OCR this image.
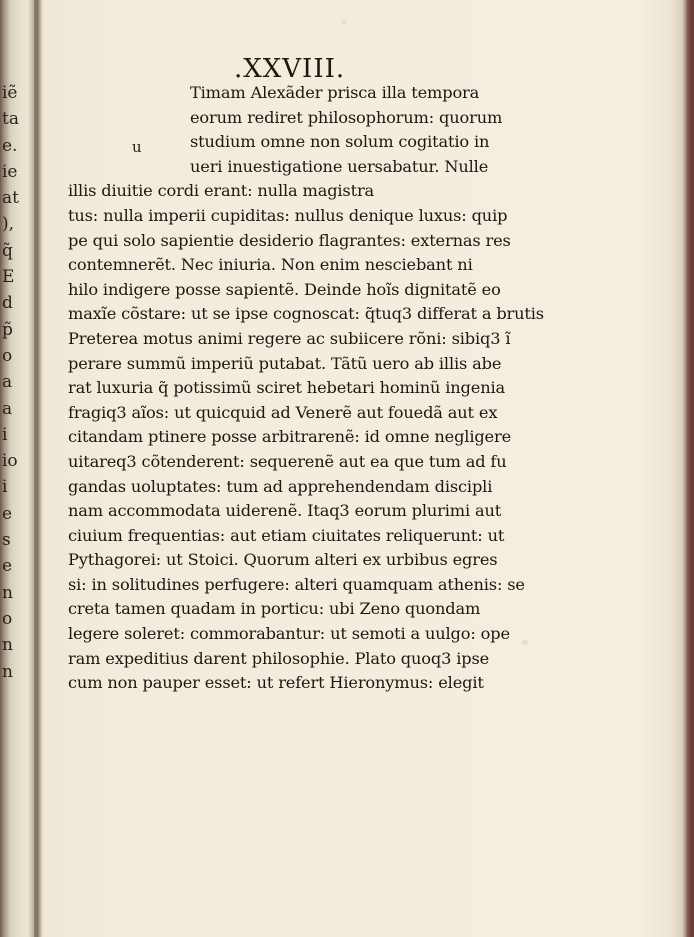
iẽ
ta
e.
ie
at
),
q̃
E
d
p̃
o
a
a
i
io
i
e
s
e
n
o
n
n
.XXVIII.
u
Timam Alexãder prisca illa tempora
eorum rediret philosophorum: quorum
studium omne non solum cogitatio in
ueri inuestigatione uersabatur. Nulle
illis diuitie cordi erant: nulla magistra
tus: nulla imperii cupiditas: nullus denique luxus: quip
pe qui solo sapientie desiderio flagrantes: externas res
contemnerẽt. Nec iniuria. Non enim nesciebant ni
hilo indigere posse sapientẽ. Deinde hoĩs dignitatẽ eo
maxĩe cõstare: ut se ipse cognoscat: q̃tuq3 differat a brutis
Preterea motus animi regere ac subiicere rõni: sibiq3 ĩ
perare summũ imperiũ putabat. Tãtũ uero ab illis abe
rat luxuria q̃ potissimũ sciret hebetari hominũ ingenia
fragiq3 aĩos: ut quicquid ad Venerẽ aut fouedã aut ex
citandam ptinere posse arbitrarenẽ: id omne negligere
uitareq3 cõtenderent: sequerenẽ aut ea que tum ad fu
gandas uoluptates: tum ad apprehendendam discipli
nam accommodata uiderenẽ. Itaq3 eorum plurimi aut
ciuium frequentias: aut etiam ciuitates reliquerunt: ut
Pythagorei: ut Stoici. Quorum alteri ex urbibus egres
si: in solitudines perfugere: alteri quamquam athenis: se
creta tamen quadam in porticu: ubi Zeno quondam
legere soleret: commorabantur: ut semoti a uulgo: ope
ram expeditius darent philosophie. Plato quoq3 ipse
cum non pauper esset: ut refert Hieronymus: elegit
